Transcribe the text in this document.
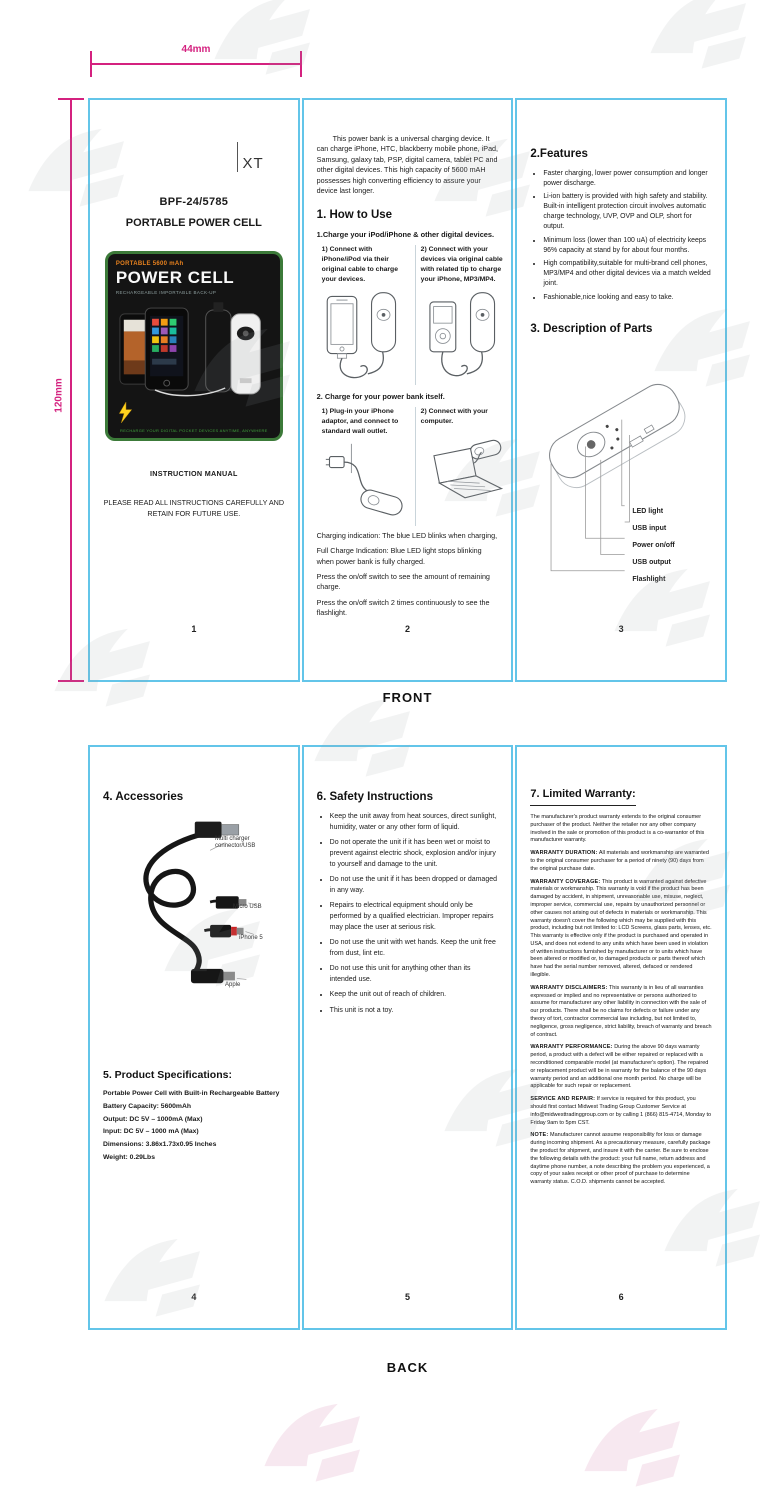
44mm
120mm
XT
BPF-24/5785
PORTABLE POWER CELL
PORTABLE 5600 mAh
POWER CELL
RECHARGEABLE IMPORTABLE BACK-UP
RECHARGE YOUR DIGITAL POCKET DEVICES ANYTIME, ANYWHERE
INSTRUCTION MANUAL
PLEASE READ ALL INSTRUCTIONS CAREFULLY AND RETAIN FOR FUTURE USE.
1

This power bank is a universal charging device. It can charge iPhone, HTC, blackberry mobile phone, iPad, Samsung, galaxy tab, PSP, digital camera, tablet PC and other digital devices. This high capacity of 5600 mAH possesses high converting efficiency to assure your device last longer.

1. How to Use
1.Charge your iPod/iPhone & other digital devices.

1) Connect with iPhone/iPod via their original cable to charge your devices.

2) Connect with your devices via original cable with related tip to charge your iPhone, MP3/MP4.

2. Charge for your power bank itself.

1) Plug-in your iPhone adaptor, and connect to standard wall outlet.

2) Connect with your computer.

Charging indication: The blue LED blinks when charging,

Full Charge Indication: Blue LED light stops blinking when power bank is fully charged.

Press the on/off switch to see the amount of remaining charge.

Press the on/off switch 2 times continuously to see the flashlight.

2
2.Features
• Faster charging, lower power consumption and longer power discharge.
• Li-ion battery is provided with high safety and stability. Built-in intelligent protection circuit involves automatic charge technology, UVP, OVP and OLP, short for output.
• Minimum loss (lower than 100 uA) of electricity keeps 96% capacity at stand by for about four months.
• High compatibility,suitable for multi-brand cell phones, MP3/MP4 and other digital devices via a match welded joint.
• Fashionable,nice looking and easy to take.
3. Description of Parts
LED light
USB input
Power on/off
USB output
Flashlight
3
FRONT
4. Accessories
Multi charger connector/USB
Micro USB
iPhone 5
Apple
5. Product Specifications:
Portable Power Cell with Built-in Rechargeable Battery
Battery Capacity: 5600mAh
Output: DC 5V – 1000mA (Max)
Input: DC 5V – 1000 mA (Max)
Dimensions: 3.86x1.73x0.95 Inches
Weight: 0.29Lbs
4
6. Safety Instructions
• Keep the unit away from heat sources, direct sunlight, humidity, water or any other form of liquid.
• Do not operate the unit if it has been wet or moist to prevent against electric shock, explosion and/or injury to yourself and damage to the unit.
• Do not use the unit if it has been dropped or damaged in any way.
• Repairs to electrical equipment should only be performed by a qualified electrician. Improper repairs may place the user at serious risk.
• Do not use the unit with wet hands. Keep the unit free from dust, lint etc.
• Do not use this unit for anything other than its intended use.
• Keep the unit out of reach of children.
• This unit is not a toy.
5
7. Limited Warranty:

The manufacturer's product warranty extends to the original consumer purchaser of the product. Neither the retailer nor any other company involved in the sale or promotion of this product is a co-warrantor of this manufacturer warranty.

WARRANTY DURATION: All materials and workmanship are warranted to the original consumer purchaser for a period of ninety (90) days from the original purchase date.

WARRANTY COVERAGE: This product is warranted against defective materials or workmanship. This warranty is void if the product has been damaged by accident, in shipment, unreasonable use, misuse, neglect, improper service, commercial use, repairs by unauthorized personnel or other causes not arising out of defects in materials or workmanship. This warranty doesn't cover the following which may be supplied with this product, including but not limited to: LCD Screens, glass parts, lenses, etc. This warranty is effective only if the product is purchased and operated in USA, and does not extend to any units which have been used in violation of written instructions furnished by manufacturer or to units which have been altered or modified or, to damaged products or parts thereof which have had the serial number removed, altered, defaced or rendered illegible.

WARRANTY DISCLAIMERS: This warranty is in lieu of all warranties expressed or implied and no representative or persons authorized to assume for manufacturer any other liability in connection with the sale of our products. There shall be no claims for defects or failure under any theory of tort, contractor commercial law including, but not limited to, negligence, gross negligence, strict liability, breach of warranty and breach of contract.

WARRANTY PERFORMANCE: During the above 90 days warranty period, a product with a defect will be either repaired or replaced with a reconditioned comparable model (at manufacturer's option). The repaired or replacement product will be in warranty for the balance of the 90 days warranty period and an additional one month period. No charge will be applicable for such repair or replacement.

SERVICE AND REPAIR: If service is required for this product, you should first contact Midwest Trading Group Customer Service at info@midwesttradinggroup.com or by calling 1 (866) 815-4714, Monday to Friday 9am to 5pm CST.

NOTE: Manufacturer cannot assume responsibility for loss or damage during incoming shipment. As a precautionary measure, carefully package the product for shipment, and insure it with the carrier. Be sure to enclose the following details with the product: your full name, return address and daytime phone number, a note describing the problem you experienced, a copy of your sales receipt or other proof of purchase to determine warranty status. C.O.D. shipments cannot be accepted.

6
BACK
